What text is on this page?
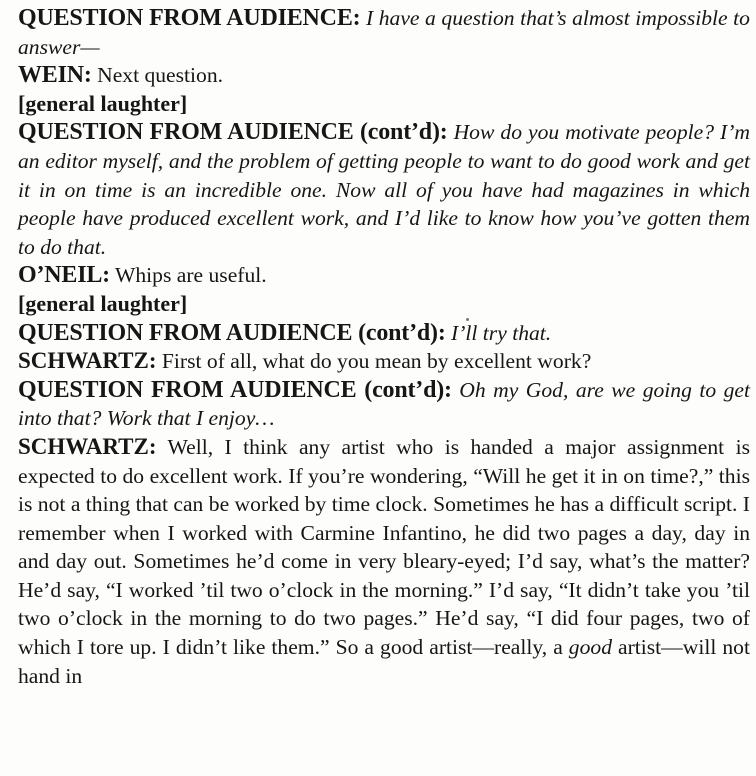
QUESTION FROM AUDIENCE: I have a question that’s almost impossible to answer—

WEIN: Next question.

[general laughter]

QUESTION FROM AUDIENCE (cont’d): How do you motivate people? I’m an editor myself, and the problem of getting people to want to do good work and get it in on time is an incredible one. Now all of you have had magazines in which people have produced excellent work, and I’d like to know how you’ve gotten them to do that.

O’NEIL: Whips are useful.

[general laughter]

QUESTION FROM AUDIENCE (cont’d): I’ll try that.

SCHWARTZ: First of all, what do you mean by excellent work?

QUESTION FROM AUDIENCE (cont’d): Oh my God, are we going to get into that? Work that I enjoy…

SCHWARTZ: Well, I think any artist who is handed a major assignment is expected to do excellent work. If you’re wondering, “Will he get it in on time?,” this is not a thing that can be worked by time clock. Sometimes he has a difficult script. I remember when I worked with Carmine Infantino, he did two pages a day, day in and day out. Sometimes he’d come in very bleary-eyed; I’d say, what’s the matter? He’d say, “I worked ’til two o’clock in the morning.” I’d say, “It didn’t take you ’til two o’clock in the morning to do two pages.” He’d say, “I did four pages, two of which I tore up. I didn’t like them.” So a good artist—really, a good artist—will not hand in
